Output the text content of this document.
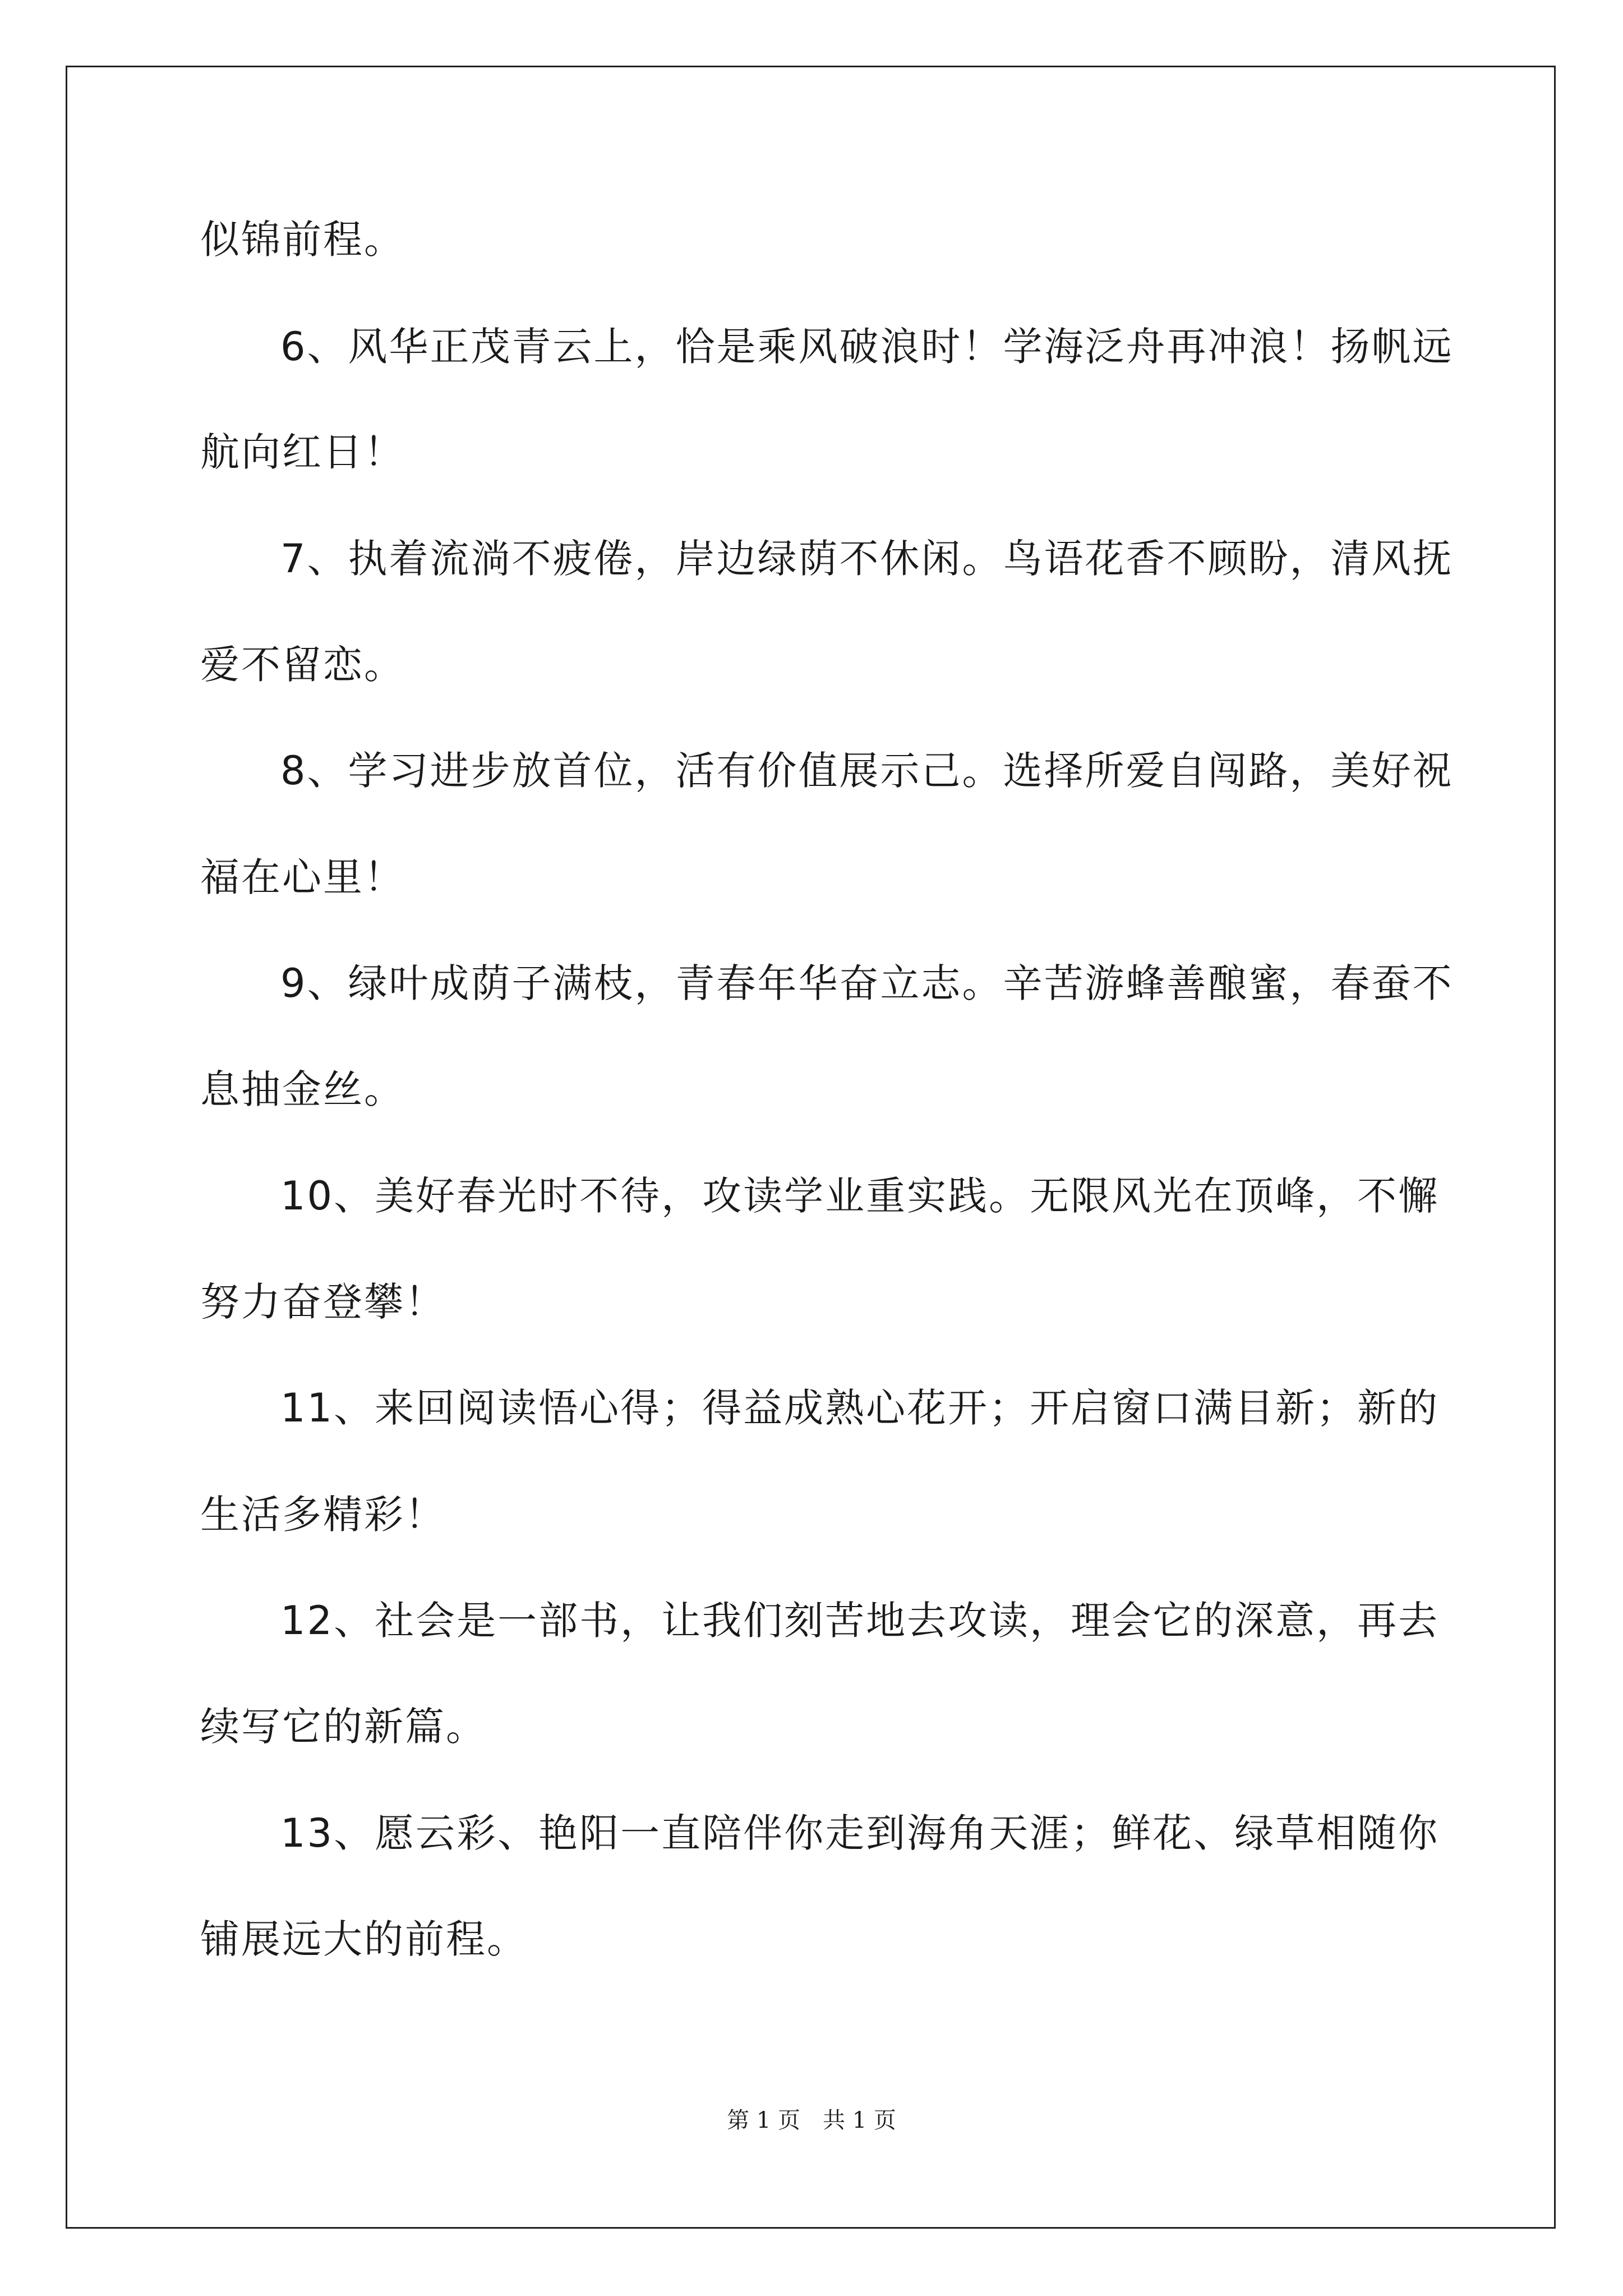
似锦前程。
6、风华正茂青云上，恰是乘风破浪时！学海泛舟再冲浪！扬帆远
航向红日！
7、执着流淌不疲倦，岸边绿荫不休闲。鸟语花香不顾盼，清风抚
爱不留恋。
8、学习进步放首位，活有价值展示己。选择所爱自闯路，美好祝
福在心里！
9、绿叶成荫子满枝，青春年华奋立志。辛苦游蜂善酿蜜，春蚕不
息抽金丝。
10、美好春光时不待，攻读学业重实践。无限风光在顶峰，不懈
努力奋登攀！
11、来回阅读悟心得；得益成熟心花开；开启窗口满目新；新的
生活多精彩！
12、社会是一部书，让我们刻苦地去攻读，理会它的深意，再去
续写它的新篇。
13、愿云彩、艳阳一直陪伴你走到海角天涯；鲜花、绿草相随你
铺展远大的前程。
第 1 页 共 1 页
